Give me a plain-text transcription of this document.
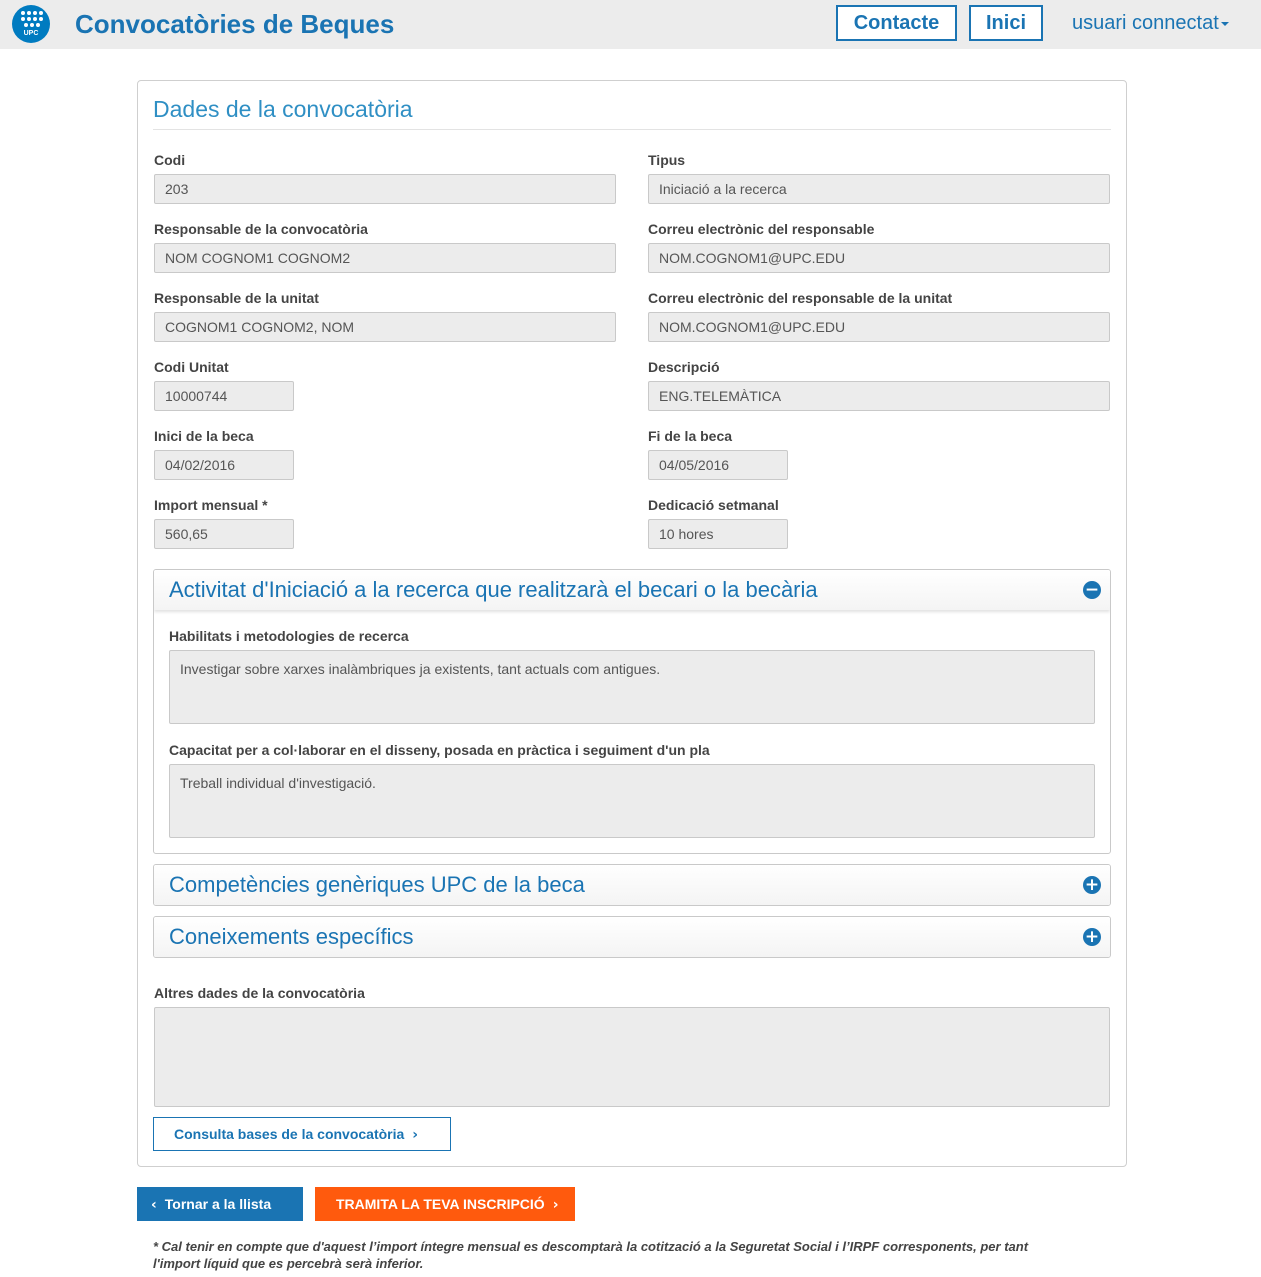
UPC	Convocatòries de Beques	Contacte	Inici	usuari connectat
Dades de la convocatòria
Codi
203
Tipus
Iniciació a la recerca
Responsable de la convocatòria
NOM COGNOM1 COGNOM2
Correu electrònic del responsable
NOM.COGNOM1@UPC.EDU
Responsable de la unitat
COGNOM1 COGNOM2, NOM
Correu electrònic del responsable de la unitat
NOM.COGNOM1@UPC.EDU
Codi Unitat
10000744
Descripció
ENG.TELEMÀTICA
Inici de la beca
04/02/2016
Fi de la beca
04/05/2016
Import mensual *
560,65
Dedicació setmanal
10 hores
Activitat d'Iniciació a la recerca que realitzarà el becari o la becària	−
Habilitats i metodologies de recerca
Investigar sobre xarxes inalàmbriques ja existents, tant actuals com antigues.
Capacitat per a col·laborar en el disseny, posada en pràctica i seguiment d'un pla
Treball individual d'investigació.
Competències genèriques UPC de la beca	+
Coneixements específics	+
Altres dades de la convocatòria
Consulta bases de la convocatòria ›
‹ Tornar a la llista	TRAMITA LA TEVA INSCRIPCIÓ ›
* Cal tenir en compte que d'aquest l’import íntegre mensual es descomptarà la cotització a la Seguretat Social i l’IRPF corresponents, per tant l'import líquid que es percebrà serà inferior.
